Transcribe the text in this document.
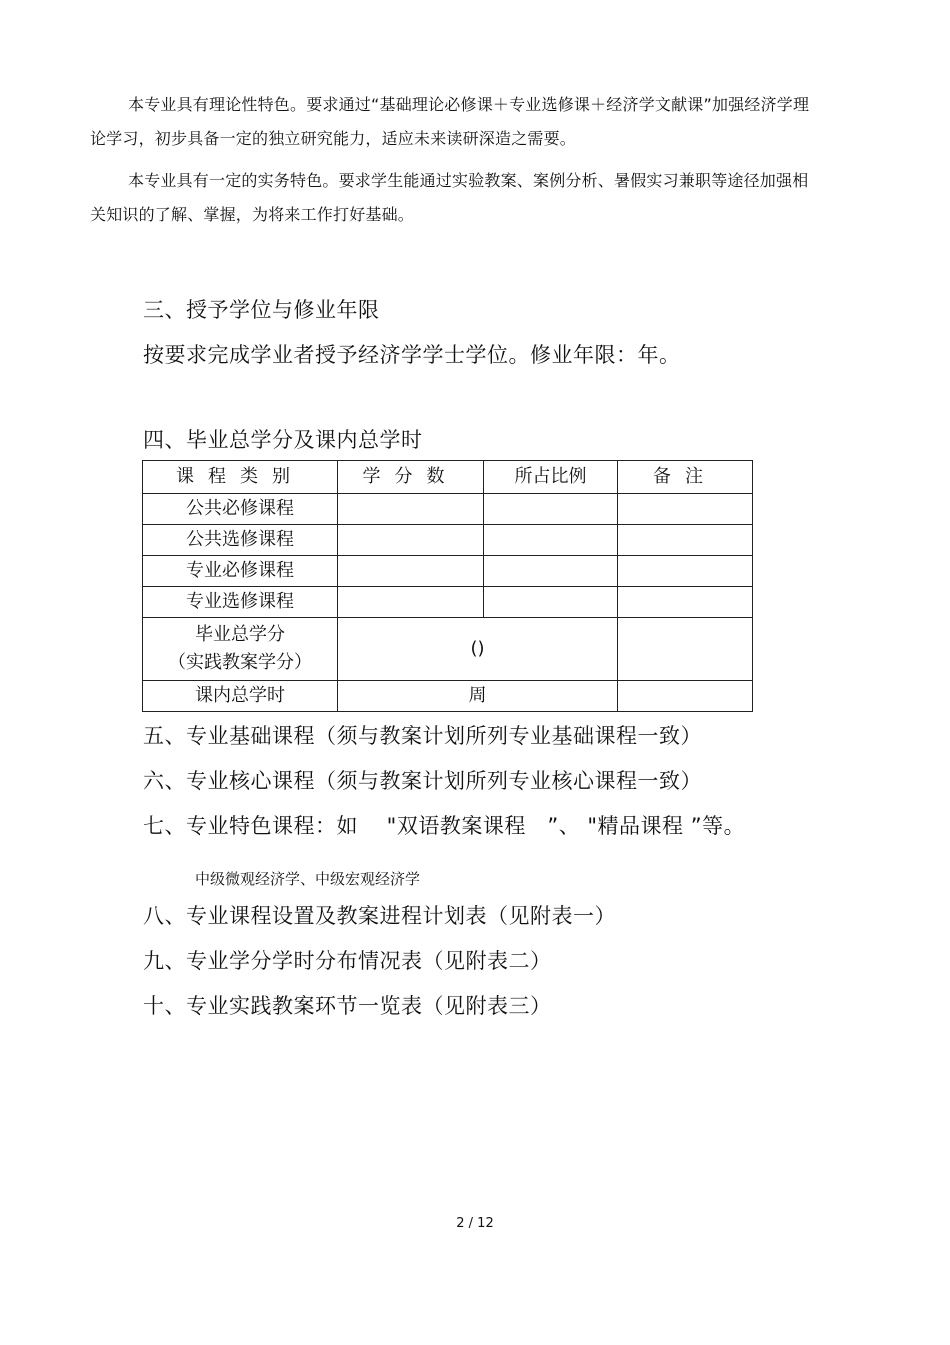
本专业具有理论性特色。要求通过“基础理论必修课＋专业选修课＋经济学文献课”加强经济学理论学习，初步具备一定的独立研究能力，适应未来读研深造之需要。
本专业具有一定的实务特色。要求学生能通过实验教案、案例分析、暑假实习兼职等途径加强相关知识的了解、掌握，为将来工作打好基础。
三、授予学位与修业年限
按要求完成学业者授予经济学学士学位。修业年限：年。
四、毕业总学分及课内总学时
课程类别	学分数	所占比例	备注
公共必修课程			
公共选修课程			
专业必修课程			
专业选修课程			

毕业总学分
（实践教案学分）	()		
课内总学时	周		
五、专业基础课程（须与教案计划所列专业基础课程一致）
六、专业核心课程（须与教案计划所列专业核心课程一致）
七、专业特色课程：如　 "双语教案课程　”、 "精品课程 ”等。
中级微观经济学、中级宏观经济学
八、专业课程设置及教案进程计划表（见附表一）
九、专业学分学时分布情况表（见附表二）
十、专业实践教案环节一览表（见附表三）
2 / 12
